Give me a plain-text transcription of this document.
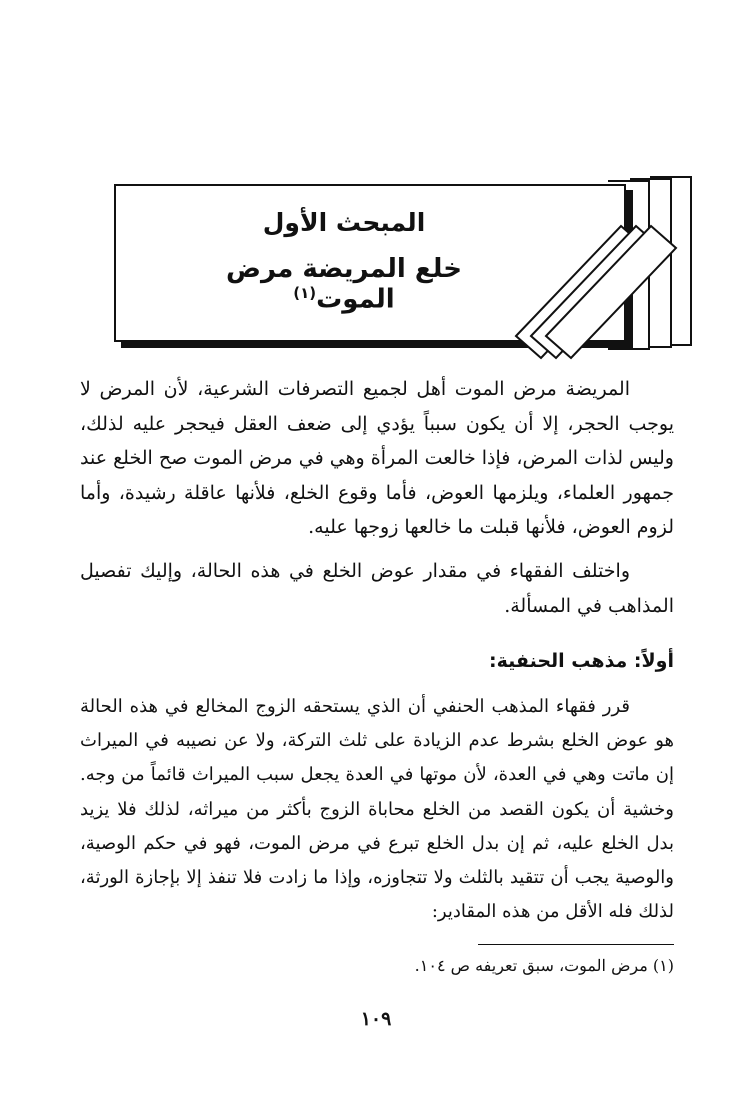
المبحث الأول
خلع المريضة مرض الموت$^{(١)}$

المريضة مرض الموت أهل لجميع التصرفات الشرعية، لأن المرض لا يوجب الحجر، إلا أن يكون سبباً يؤدي إلى ضعف العقل فيحجر عليه لذلك، وليس لذات المرض، فإذا خالعت المرأة وهي في مرض الموت صح الخلع عند جمهور العلماء، ويلزمها العوض، فأما وقوع الخلع، فلأنها عاقلة رشيدة، وأما لزوم العوض، فلأنها قبلت ما خالعها زوجها عليه.

واختلف الفقهاء في مقدار عوض الخلع في هذه الحالة، وإليك تفصيل المذاهب في المسألة.

أولاً: مذهب الحنفية:

قرر فقهاء المذهب الحنفي أن الذي يستحقه الزوج المخالع في هذه الحالة هو عوض الخلع بشرط عدم الزيادة على ثلث التركة، ولا عن نصيبه في الميراث إن ماتت وهي في العدة، لأن موتها في العدة يجعل سبب الميراث قائماً من وجه. وخشية أن يكون القصد من الخلع محاباة الزوج بأكثر من ميراثه، لذلك فلا يزيد بدل الخلع عليه، ثم إن بدل الخلع تبرع في مرض الموت، فهو في حكم الوصية، والوصية يجب أن تتقيد بالثلث ولا تتجاوزه، وإذا ما زادت فلا تنفذ إلا بإجازة الورثة، لذلك فله الأقل من هذه المقادير:

(١) مرض الموت، سبق تعريفه ص ١٠٤.
١٠٩
